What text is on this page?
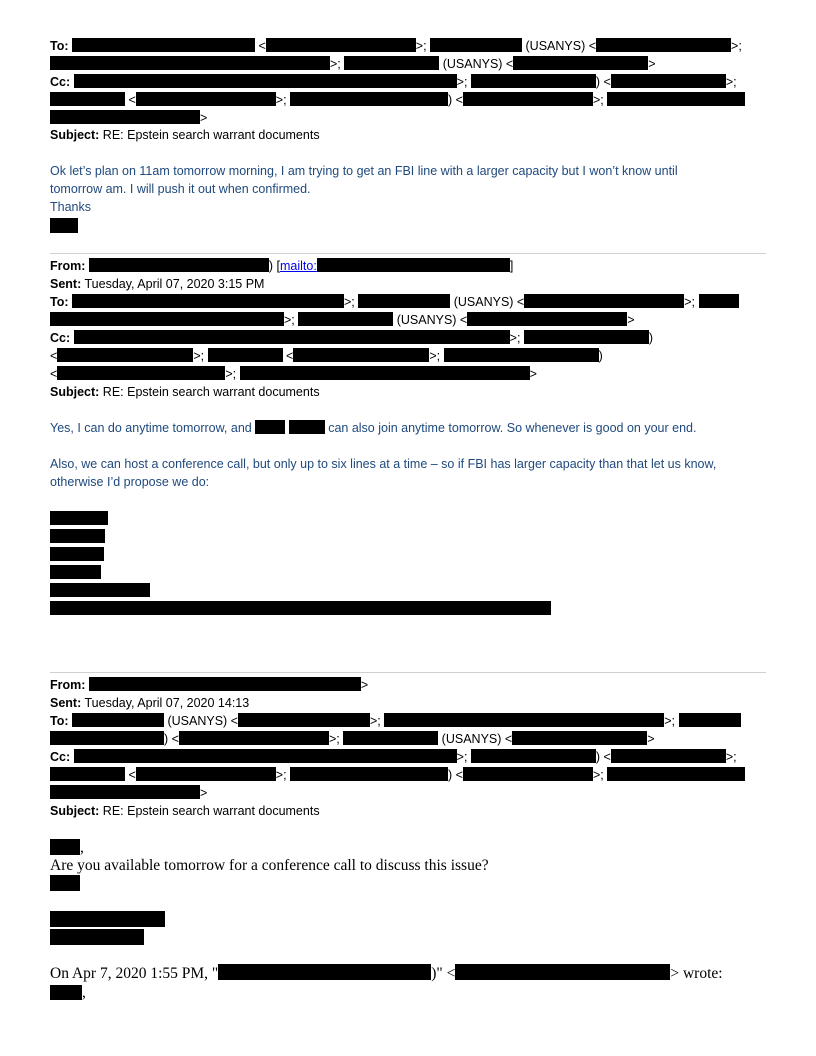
To:	<	>;	(USANYS) <	>;
>;	(USANYS) <	>
Cc:	>;	) <	>;
<	>;	) <	>;
>
Subject: RE: Epstein search warrant documents
Ok let’s plan on 11am tomorrow morning, I am trying to get an FBI line with a larger capacity but I won’t know until
tomorrow am. I will push it out when confirmed.
Thanks
From:	) [mailto:	]
Sent: Tuesday, April 07, 2020 3:15 PM
To:	>;	(USANYS) <	>;
>;	(USANYS) <	>
Cc:	>;	)
<	>;	<	>;	)
<	>;	>
Subject: RE: Epstein search warrant documents
Yes, I can do anytime tomorrow, and	can also join anytime tomorrow. So whenever is good on your end.
Also, we can host a conference call, but only up to six lines at a time – so if FBI has larger capacity than that let us know,
otherwise I’d propose we do:
From:	>
Sent: Tuesday, April 07, 2020 14:13
To:	(USANYS) <	>;	>;
) <	>;	(USANYS) <	>
Cc:	>;	) <	>;
<	>;	) <	>;
>
Subject: RE: Epstein search warrant documents
,
Are you available tomorrow for a conference call to discuss this issue?
On Apr 7, 2020 1:55 PM, "	)" <	> wrote:
,
